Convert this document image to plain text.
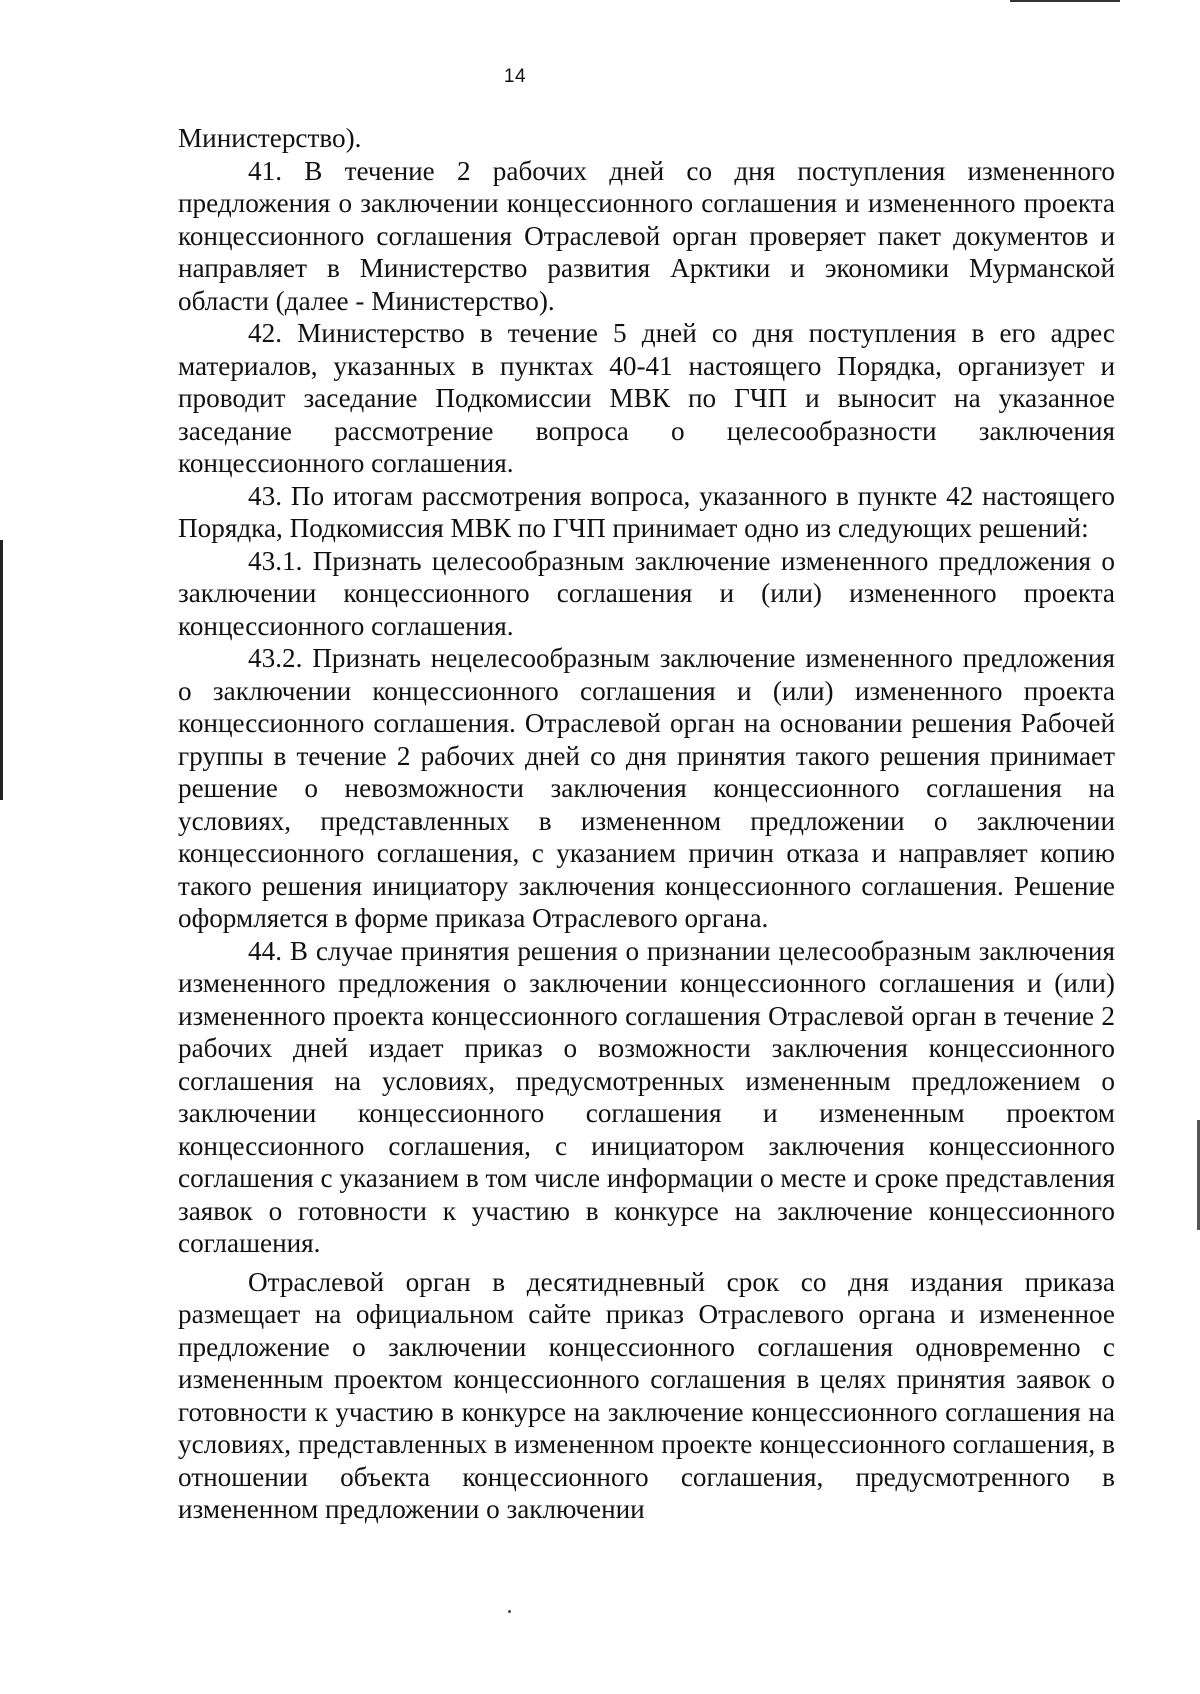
14

Министерство).

41. В течение 2 рабочих дней со дня поступления измененного предложения о заключении концессионного соглашения и измененного проекта концессионного соглашения Отраслевой орган проверяет пакет документов и направляет в Министерство развития Арктики и экономики Мурманской области (далее - Министерство).

42. Министерство в течение 5 дней со дня поступления в его адрес материалов, указанных в пунктах 40-41 настоящего Порядка, организует и проводит заседание Подкомиссии МВК по ГЧП и выносит на указанное заседание рассмотрение вопроса о целесообразности заключения концессионного соглашения.

43. По итогам рассмотрения вопроса, указанного в пункте 42 настоящего Порядка, Подкомиссия МВК по ГЧП принимает одно из следующих решений:

43.1. Признать целесообразным заключение измененного предложения о заключении концессионного соглашения и (или) измененного проекта концессионного соглашения.

43.2. Признать нецелесообразным заключение измененного предложения о заключении концессионного соглашения и (или) измененного проекта концессионного соглашения. Отраслевой орган на основании решения Рабочей группы в течение 2 рабочих дней со дня принятия такого решения принимает решение о невозможности заключения концессионного соглашения на условиях, представленных в измененном предложении о заключении концессионного соглашения, с указанием причин отказа и направляет копию такого решения инициатору заключения концессионного соглашения. Решение оформляется в форме приказа Отраслевого органа.

44. В случае принятия решения о признании целесообразным заключения измененного предложения о заключении концессионного соглашения и (или) измененного проекта концессионного соглашения Отраслевой орган в течение 2 рабочих дней издает приказ о возможности заключения концессионного соглашения на условиях, предусмотренных измененным предложением о заключении концессионного соглашения и измененным проектом концессионного соглашения, с инициатором заключения концессионного соглашения с указанием в том числе информации о месте и сроке представления заявок о готовности к участию в конкурсе на заключение концессионного соглашения.

Отраслевой орган в десятидневный срок со дня издания приказа размещает на официальном сайте приказ Отраслевого органа и измененное предложение о заключении концессионного соглашения одновременно с измененным проектом концессионного соглашения в целях принятия заявок о готовности к участию в конкурсе на заключение концессионного соглашения на условиях, представленных в измененном проекте концессионного соглашения, в отношении объекта концессионного соглашения, предусмотренного в измененном предложении о заключении
